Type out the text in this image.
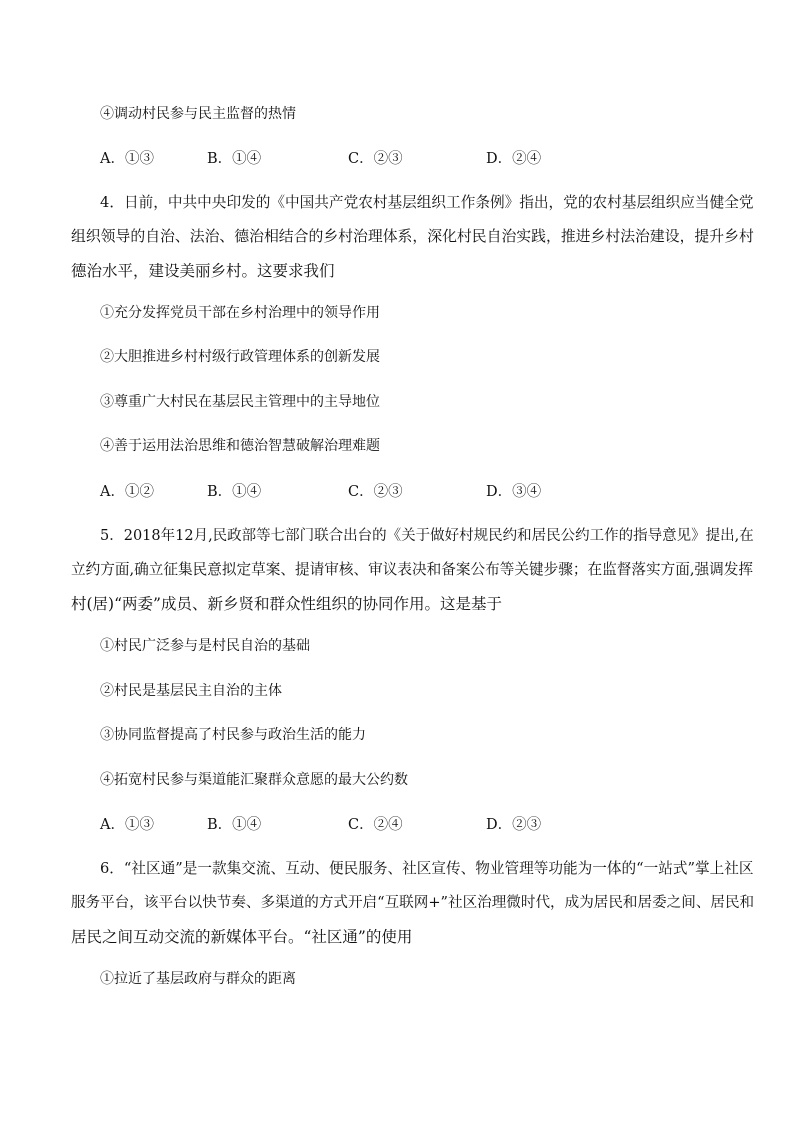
④调动村民参与民主监督的热情
A．①③	B．①④	C．②③	D．②④
4．日前，中共中央印发的《中国共产党农村基层组织工作条例》指出，党的农村基层组织应当健全党
组织领导的自治、法治、德治相结合的乡村治理体系，深化村民自治实践，推进乡村法治建设，提升乡村
德治水平，建设美丽乡村。这要求我们
①充分发挥党员干部在乡村治理中的领导作用
②大胆推进乡村村级行政管理体系的创新发展
③尊重广大村民在基层民主管理中的主导地位
④善于运用法治思维和德治智慧破解治理难题
A．①②	B．①④	C．②③	D．③④
5．2018年12月,民政部等七部门联合出台的《关于做好村规民约和居民公约工作的指导意见》提出,在
立约方面,确立征集民意拟定草案、提请审核、审议表决和备案公布等关键步骤；在监督落实方面,强调发挥
村(居)“两委”成员、新乡贤和群众性组织的协同作用。这是基于
①村民广泛参与是村民自治的基础
②村民是基层民主自治的主体
③协同监督提高了村民参与政治生活的能力
④拓宽村民参与渠道能汇聚群众意愿的最大公约数
A．①③	B．①④	C．②④	D．②③
6．“社区通”是一款集交流、互动、便民服务、社区宣传、物业管理等功能为一体的“一站式”掌上社区
服务平台，该平台以快节奏、多渠道的方式开启“互联网+”社区治理微时代，成为居民和居委之间、居民和
居民之间互动交流的新媒体平台。“社区通”的使用
①拉近了基层政府与群众的距离
